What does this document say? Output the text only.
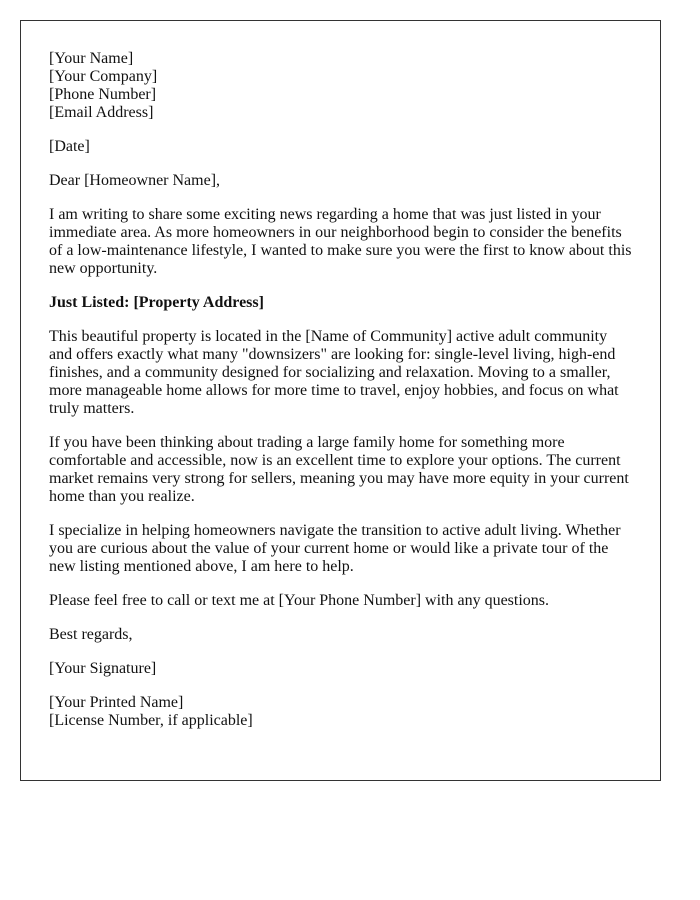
[Your Name]
[Your Company]
[Phone Number]
[Email Address]

[Date]

Dear [Homeowner Name],

I am writing to share some exciting news regarding a home that was just listed in your immediate area. As more homeowners in our neighborhood begin to consider the benefits of a low-maintenance lifestyle, I wanted to make sure you were the first to know about this new opportunity.

Just Listed: [Property Address]

This beautiful property is located in the [Name of Community] active adult community and offers exactly what many "downsizers" are looking for: single-level living, high-end finishes, and a community designed for socializing and relaxation. Moving to a smaller, more manageable home allows for more time to travel, enjoy hobbies, and focus on what truly matters.

If you have been thinking about trading a large family home for something more comfortable and accessible, now is an excellent time to explore your options. The current market remains very strong for sellers, meaning you may have more equity in your current home than you realize.

I specialize in helping homeowners navigate the transition to active adult living. Whether you are curious about the value of your current home or would like a private tour of the new listing mentioned above, I am here to help.

Please feel free to call or text me at [Your Phone Number] with any questions.

Best regards,

[Your Signature]

[Your Printed Name]
[License Number, if applicable]
